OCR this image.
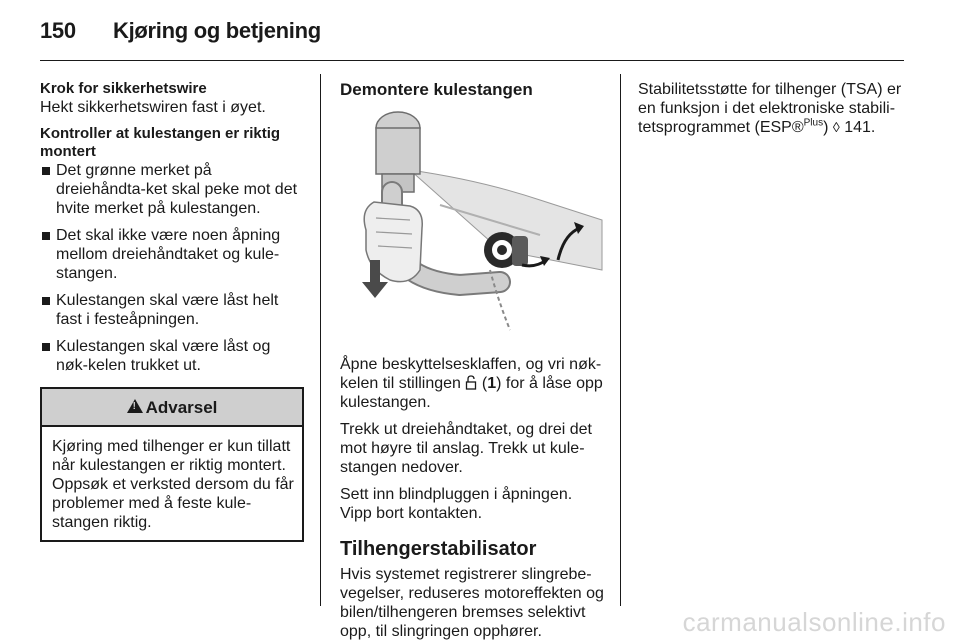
150 Kjøring og betjening
Krok for sikkerhetswire

Hekt sikkerhetswiren fast i øyet.

Kontroller at kulestangen er riktig montert
Det grønne merket på dreiehåndta-ket skal peke mot det hvite merket på kulestangen.
Det skal ikke være noen åpning mellom dreiehåndtaket og kule-stangen.
Kulestangen skal være låst helt fast i festeåpningen.
Kulestangen skal være låst og nøk-kelen trukket ut.
!
Advarsel
Kjøring med tilhenger er kun tillatt når kulestangen er riktig montert. Oppsøk et verksted dersom du får problemer med å feste kule-stangen riktig.
Demontere kulestangen

Åpne beskyttelsesklaffen, og vri nøk-kelen til stillingen (1) for å låse opp kulestangen.

Trekk ut dreiehåndtaket, og drei det mot høyre til anslag. Trekk ut kule-stangen nedover.

Sett inn blindpluggen i åpningen. Vipp bort kontakten.

Tilhengerstabilisator

Hvis systemet registrerer slingrebe-vegelser, reduseres motoreffekten og bilen/tilhengeren bremses selektivt opp, til slingringen opphører.

Stabilitetsstøtte for tilhenger (TSA) er en funksjon i det elektroniske stabili-tetsprogrammet (ESP®$^{Plus}$) ◊ 141.

carmanualsonline.info
